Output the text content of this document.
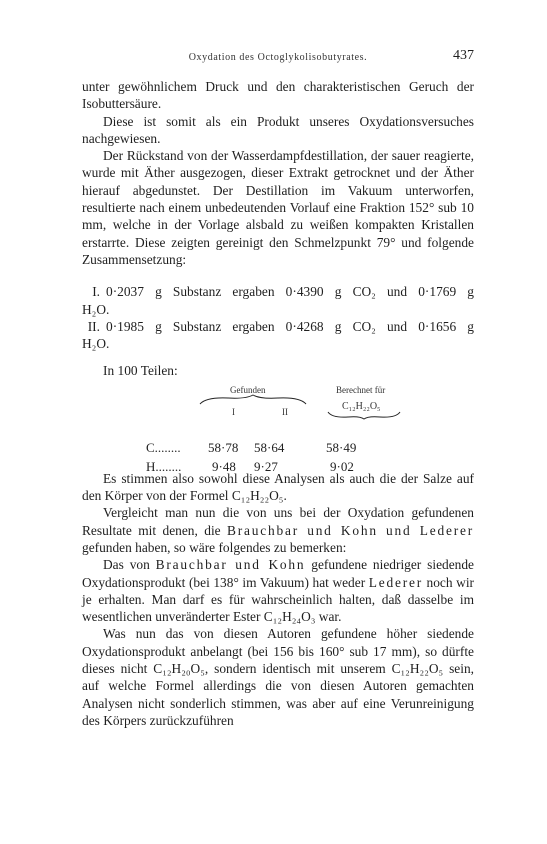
Oxydation des Octoglykolisobutyrates.	437

unter gewöhnlichem Druck und den charakteristischen Geruch der Isobuttersäure.

Diese ist somit als ein Produkt unseres Oxydationsversuches nachgewiesen.

Der Rückstand von der Wasserdampfdestillation, der sauer reagierte, wurde mit Äther ausgezogen, dieser Extrakt getrocknet und der Äther hierauf abgedunstet. Der Destillation im Vakuum unterworfen, resultierte nach einem unbedeutenden Vorlauf eine Fraktion 152° sub 10 mm, welche in der Vorlage alsbald zu weißen kompakten Kristallen erstarrte. Diese zeigten gereinigt den Schmelzpunkt 79° und folgende Zusammensetzung:

I. 0·2037 g Substanz ergaben 0·4390 g CO₂ und 0·1769 g
H₂O.
II. 0·1985 g Substanz ergaben 0·4268 g CO₂ und 0·1656 g
H₂O.
In 100 Teilen:
Gefunden	Berechnet für
C₁₂H₂₂O₅
I	II

C........ 58·78 58·64	58·49

H........ 9·48 9·27	9·02

Es stimmen also sowohl diese Analysen als auch die der Salze auf den Körper von der Formel C₁₂H₂₂O₅.

Vergleicht man nun die von uns bei der Oxydation gefundenen Resultate mit denen, die Brauchbar und Kohn und Lederer gefunden haben, so wäre folgendes zu bemerken:

Das von Brauchbar und Kohn gefundene niedriger siedende Oxydationsprodukt (bei 138° im Vakuum) hat weder Lederer noch wir je erhalten. Man darf es für wahrscheinlich halten, daß dasselbe im wesentlichen unveränderter Ester C₁₂H₂₄O₃ war.

Was nun das von diesen Autoren gefundene höher siedende Oxydationsprodukt anbelangt (bei 156 bis 160° sub 17 mm), so dürfte dieses nicht C₁₂H₂₀O₅, sondern identisch mit unserem C₁₂H₂₂O₅ sein, auf welche Formel allerdings die von diesen Autoren gemachten Analysen nicht sonderlich stimmen, was aber auf eine Verunreinigung des Körpers zurückzuführen
